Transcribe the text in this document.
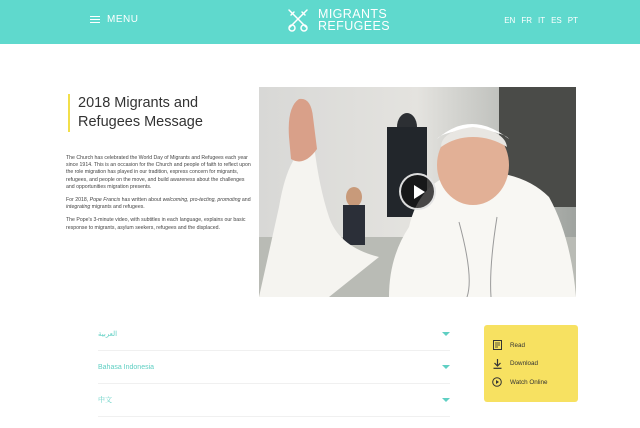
MENU	MIGRANTS
REFUGEES	EN FR IT ES PT
2018 Migrants and Refugees Message

The Church has celebrated the World Day of Migrants and Refugees each year since 1914. This is an occasion for the Church and people of faith to reflect upon the role migration has played in our tradition, express concern for migrants, refugees, and people on the move, and build awareness about the challenges and opportunities migration presents.

For 2018, Pope Francis has written about welcoming, pro-tecting, promoting and integrating migrants and refugees.

The Pope's 3-minute video, with subtitles in each language, explains our basic response to migrants, asylum seekers, refugees and the displaced.

العربية
Bahasa Indonesia
中文
Read
Download
Watch Online
